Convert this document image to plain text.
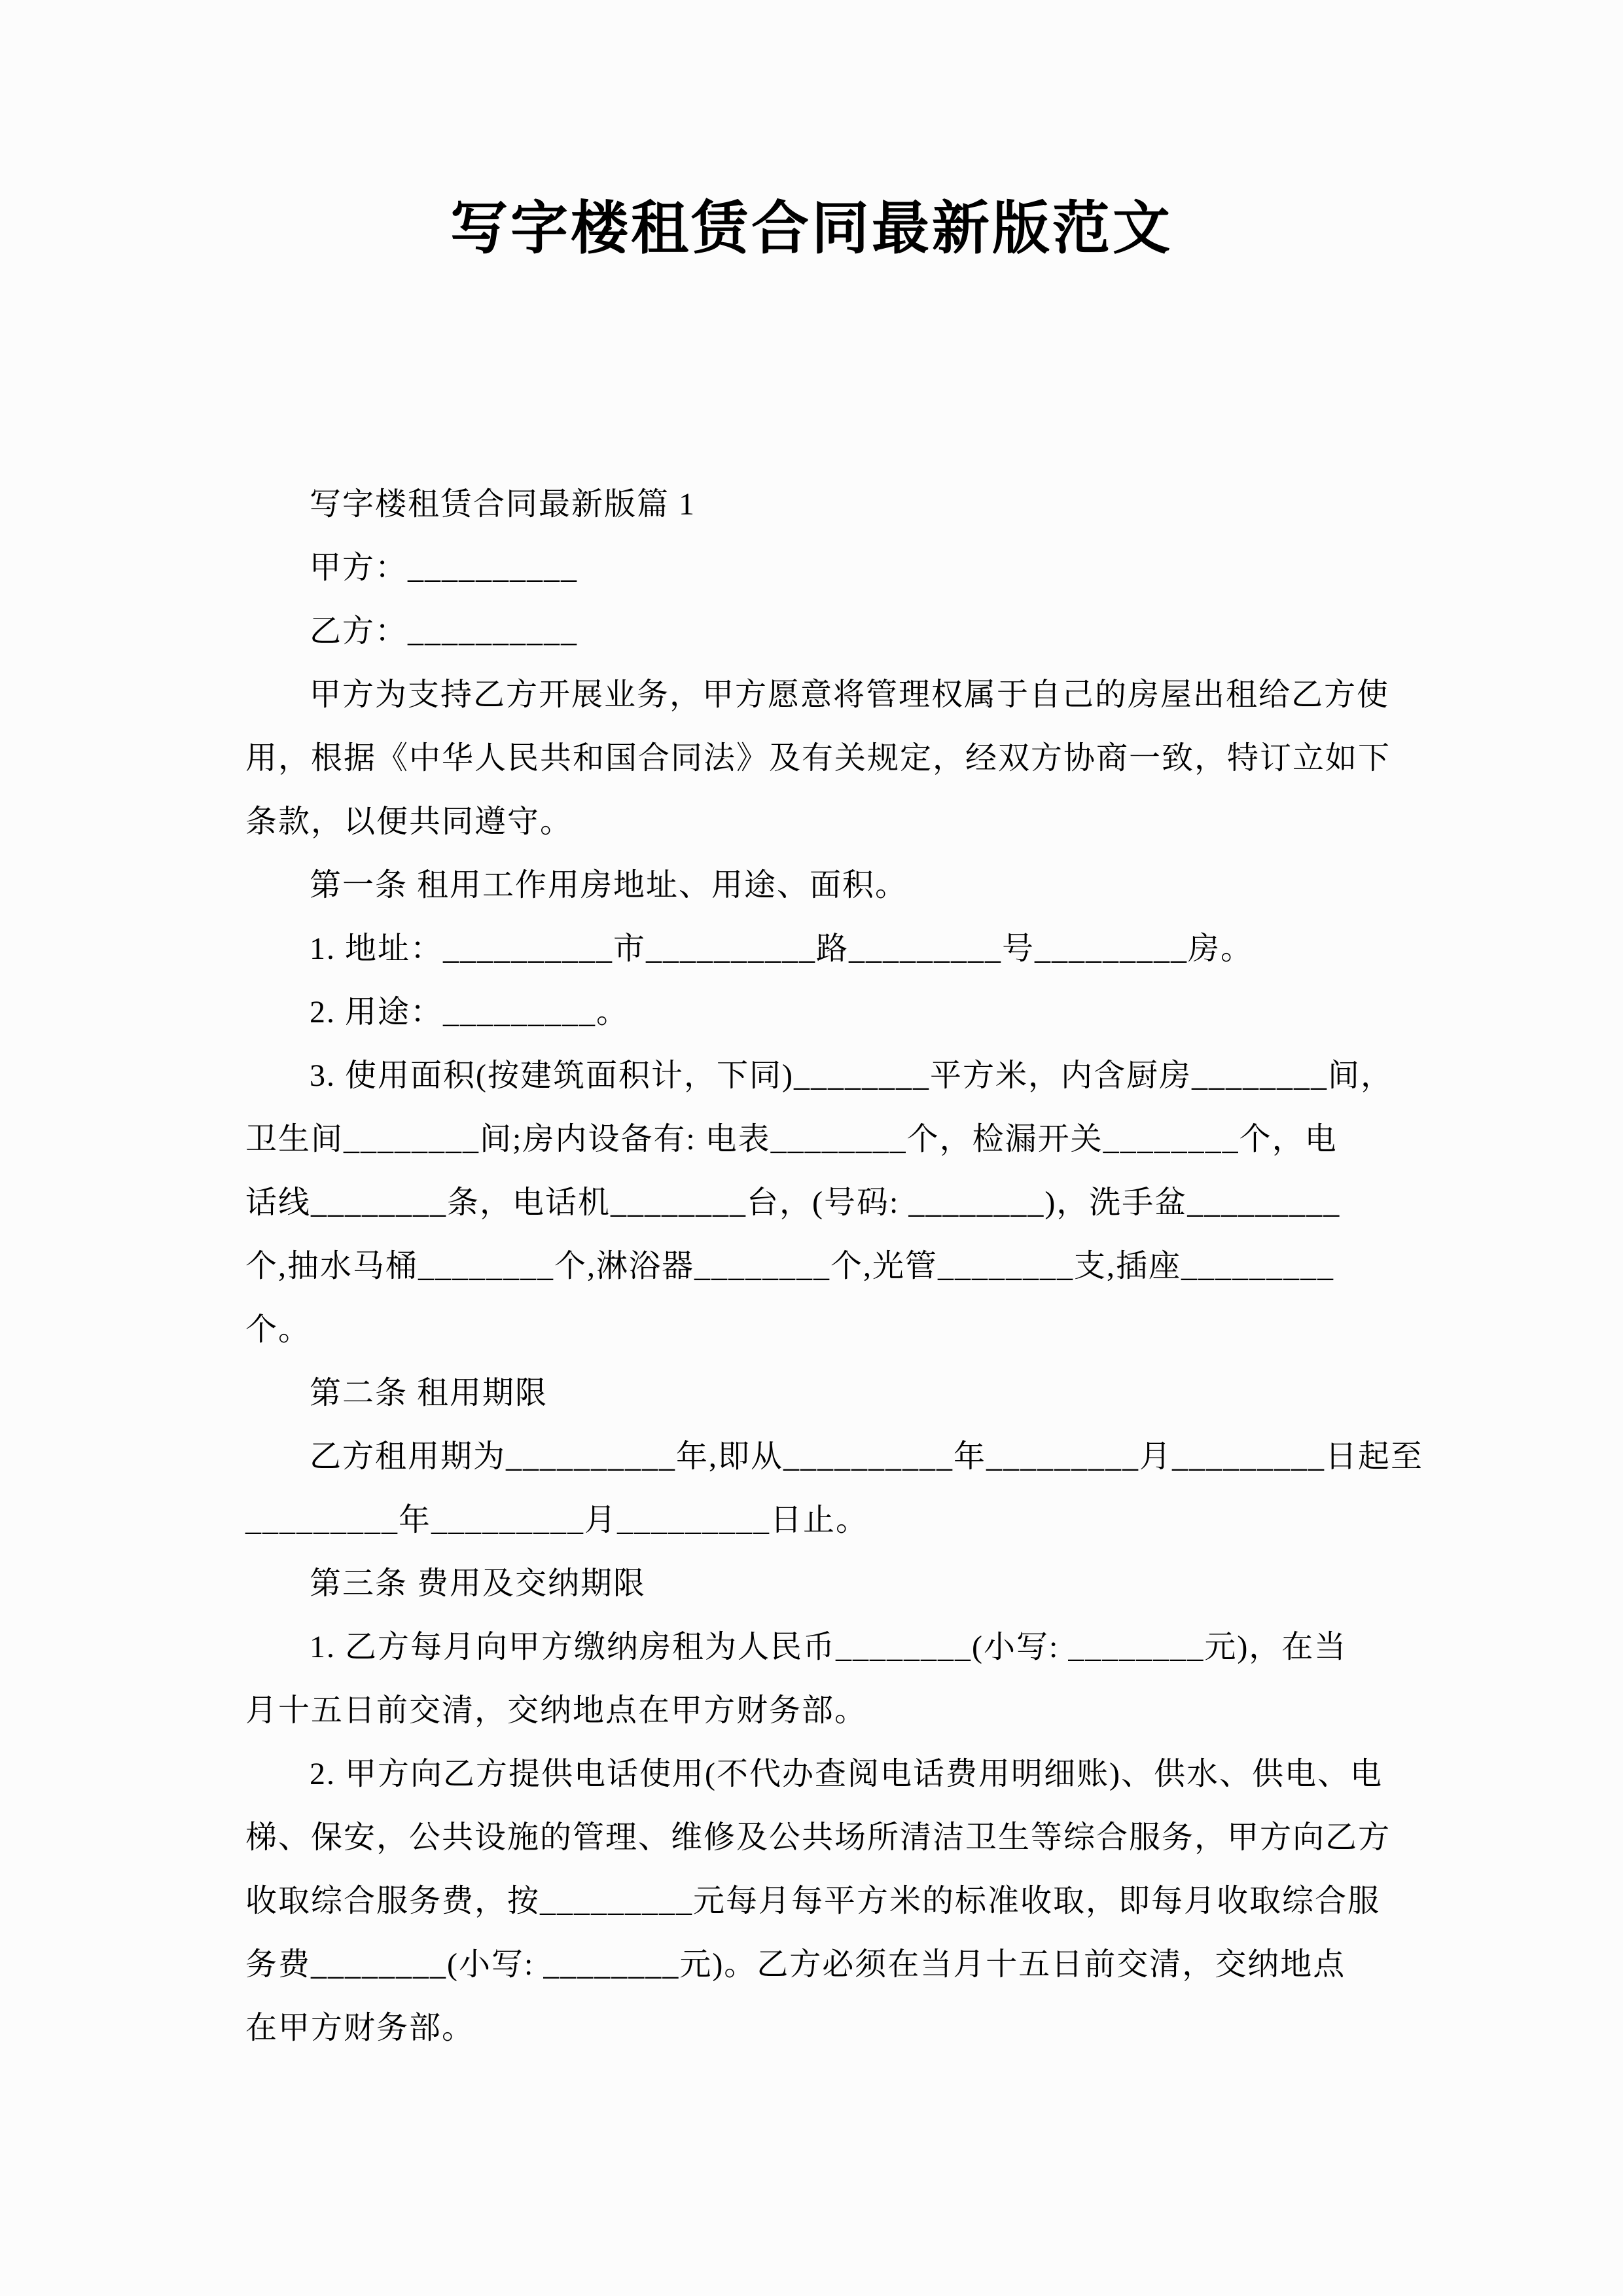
写字楼租赁合同最新版范文
写字楼租赁合同最新版篇 1
甲方：__________
乙方：__________
甲方为支持乙方开展业务，甲方愿意将管理权属于自己的房屋出租给乙方使
用，根据《中华人民共和国合同法》及有关规定，经双方协商一致，特订立如下
条款，以便共同遵守。
第一条 租用工作用房地址、用途、面积。
1. 地址：__________市__________路_________号_________房。
2. 用途：_________。
3. 使用面积(按建筑面积计，下同)________平方米，内含厨房________间，
卫生间________间;房内设备有: 电表________个，检漏开关________个，电
话线________条，电话机________台，(号码: ________)，洗手盆_________
个,抽水马桶________个,淋浴器________个,光管________支,插座_________
个。
第二条 租用期限
乙方租用期为__________年,即从__________年_________月_________日起至
_________年_________月_________日止。
第三条 费用及交纳期限
1. 乙方每月向甲方缴纳房租为人民币________(小写: ________元)，在当
月十五日前交清，交纳地点在甲方财务部。
2. 甲方向乙方提供电话使用(不代办查阅电话费用明细账)、供水、供电、电
梯、保安，公共设施的管理、维修及公共场所清洁卫生等综合服务，甲方向乙方
收取综合服务费，按_________元每月每平方米的标准收取，即每月收取综合服
务费________(小写: ________元)。乙方必须在当月十五日前交清，交纳地点
在甲方财务部。
